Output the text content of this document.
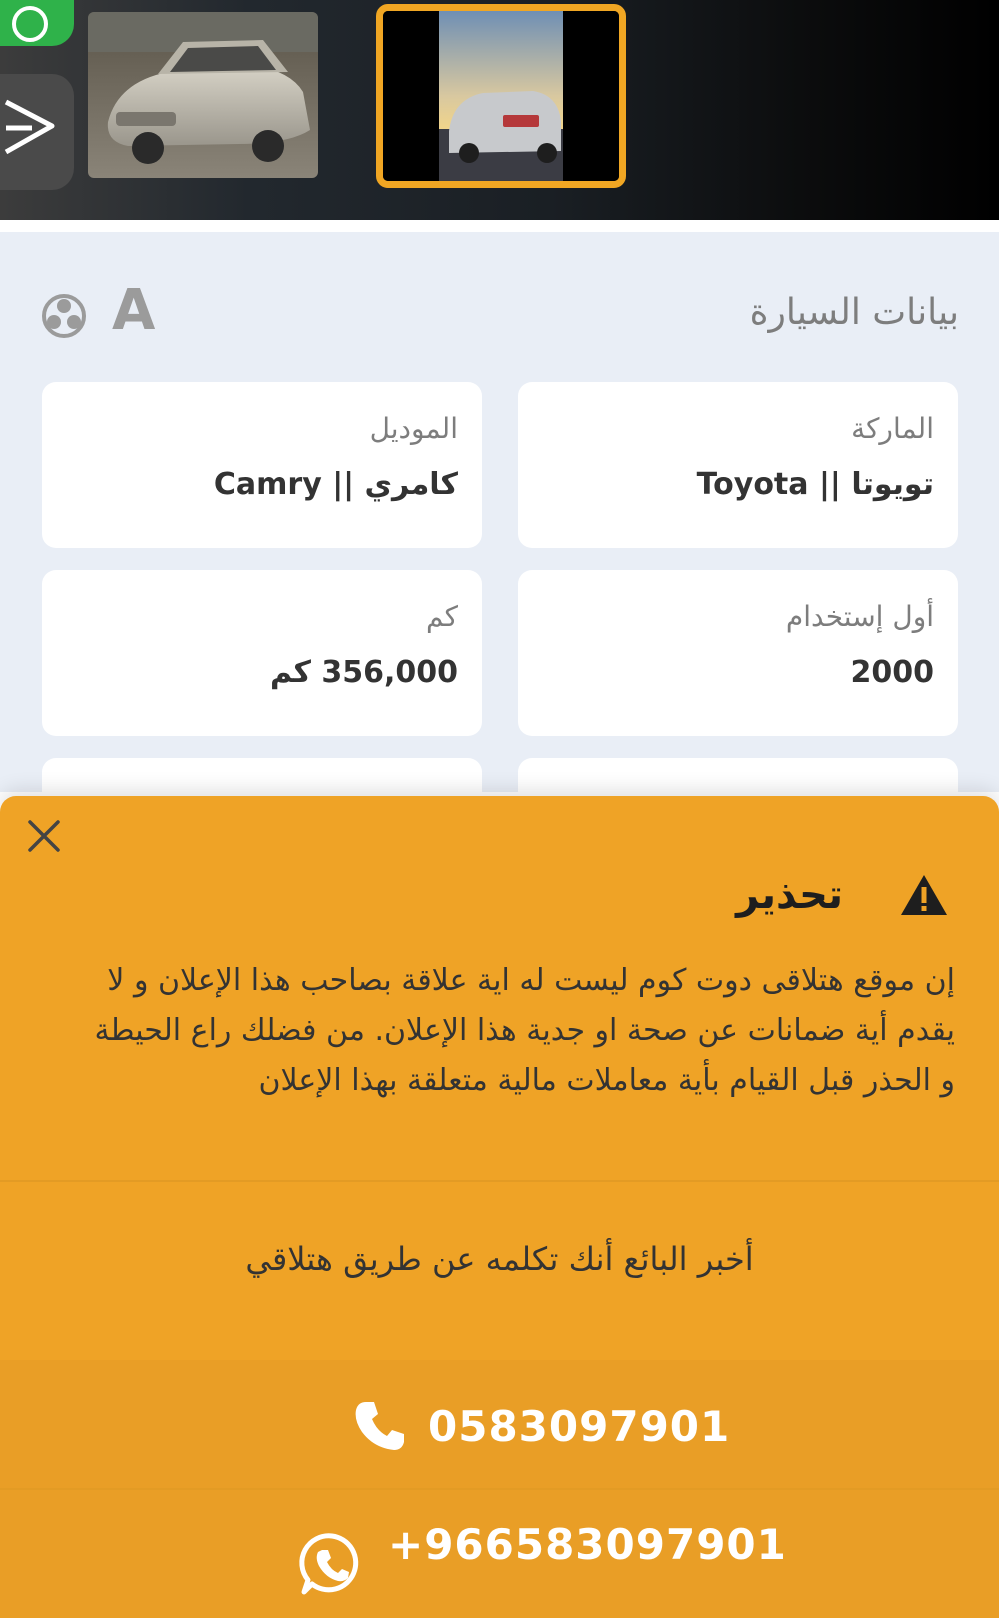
بيانات السيارة
A
الماركة
تويوتا || Toyota
الموديل
كامري || Camry
أول إستخدام
2000
كم
356,000 كم
تحذير
إن موقع هتلاقى دوت كوم ليست له اية علاقة بصاحب هذا الإعلان و لا يقدم أية ضمانات عن صحة او جدية هذا الإعلان. من فضلك راع الحيطة و الحذر قبل القيام بأية معاملات مالية متعلقة بهذا الإعلان
أخبر البائع أنك تكلمه عن طريق هتلاقي
0583097901
+966583097901
